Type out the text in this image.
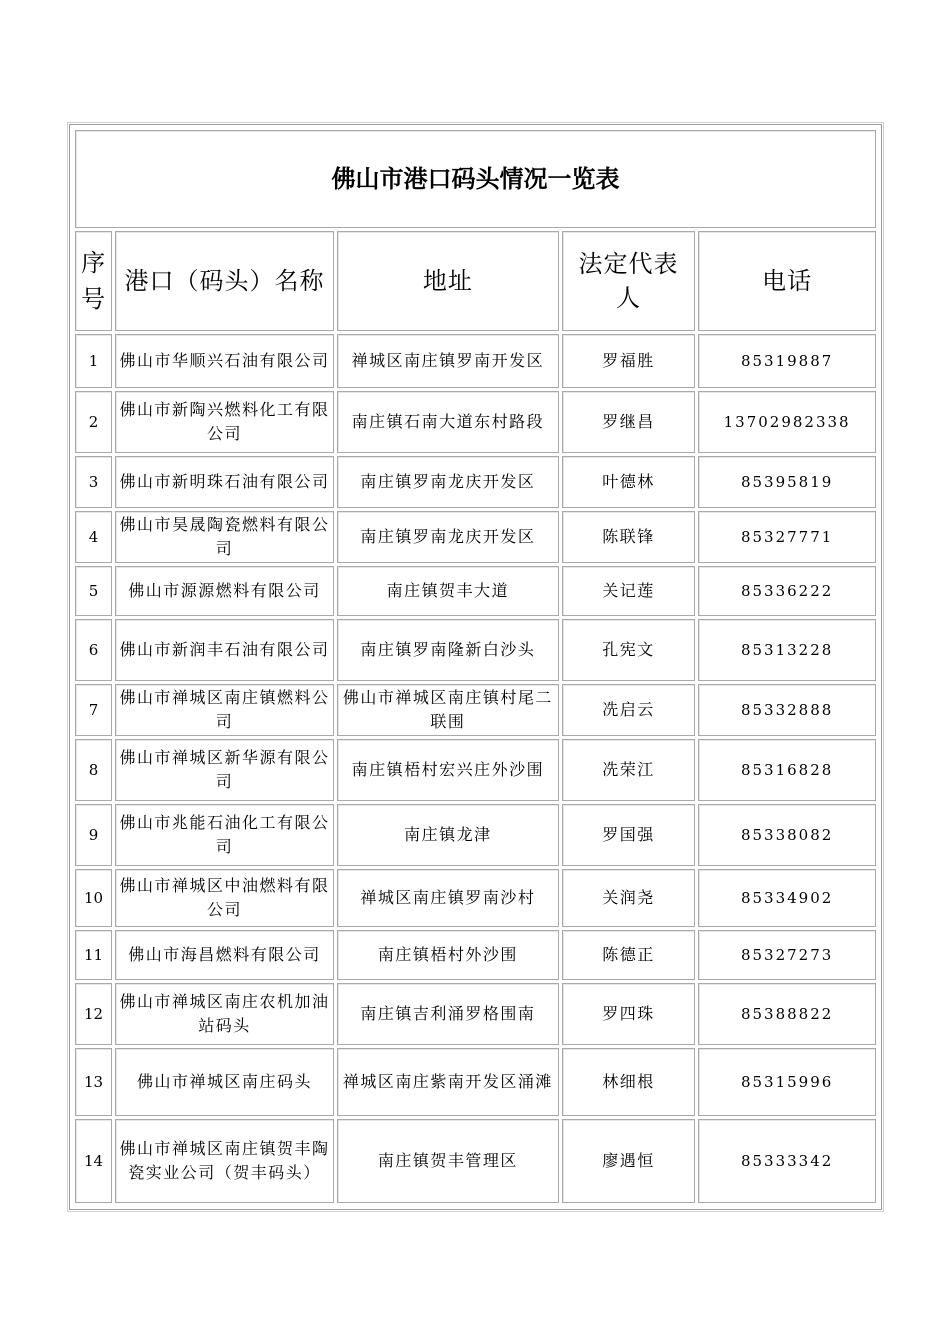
佛山市港口码头情况一览表				
序号	港口（码头）名称	地址	法定代表人	电话
1	佛山市华顺兴石油有限公司	禅城区南庄镇罗南开发区	罗福胜	85319887
2	佛山市新陶兴燃料化工有限公司	南庄镇石南大道东村路段	罗继昌	13702982338
3	佛山市新明珠石油有限公司	南庄镇罗南龙庆开发区	叶德林	85395819
4	佛山市昊晟陶瓷燃料有限公司	南庄镇罗南龙庆开发区	陈联锋	85327771
5	佛山市源源燃料有限公司	南庄镇贺丰大道	关记莲	85336222
6	佛山市新润丰石油有限公司	南庄镇罗南隆新白沙头	孔宪文	85313228
7	佛山市禅城区南庄镇燃料公司	佛山市禅城区南庄镇村尾二联围	冼启云	85332888
8	佛山市禅城区新华源有限公司	南庄镇梧村宏兴庄外沙围	冼荣江	85316828
9	佛山市兆能石油化工有限公司	南庄镇龙津	罗国强	85338082
10	佛山市禅城区中油燃料有限公司	禅城区南庄镇罗南沙村	关润尧	85334902
11	佛山市海昌燃料有限公司	南庄镇梧村外沙围	陈德正	85327273
12	佛山市禅城区南庄农机加油站码头	南庄镇吉利涌罗格围南	罗四珠	85388822
13	佛山市禅城区南庄码头	禅城区南庄紫南开发区涌滩	林细根	85315996
14	佛山市禅城区南庄镇贺丰陶瓷实业公司（贺丰码头）	南庄镇贺丰管理区	廖遇恒	85333342
